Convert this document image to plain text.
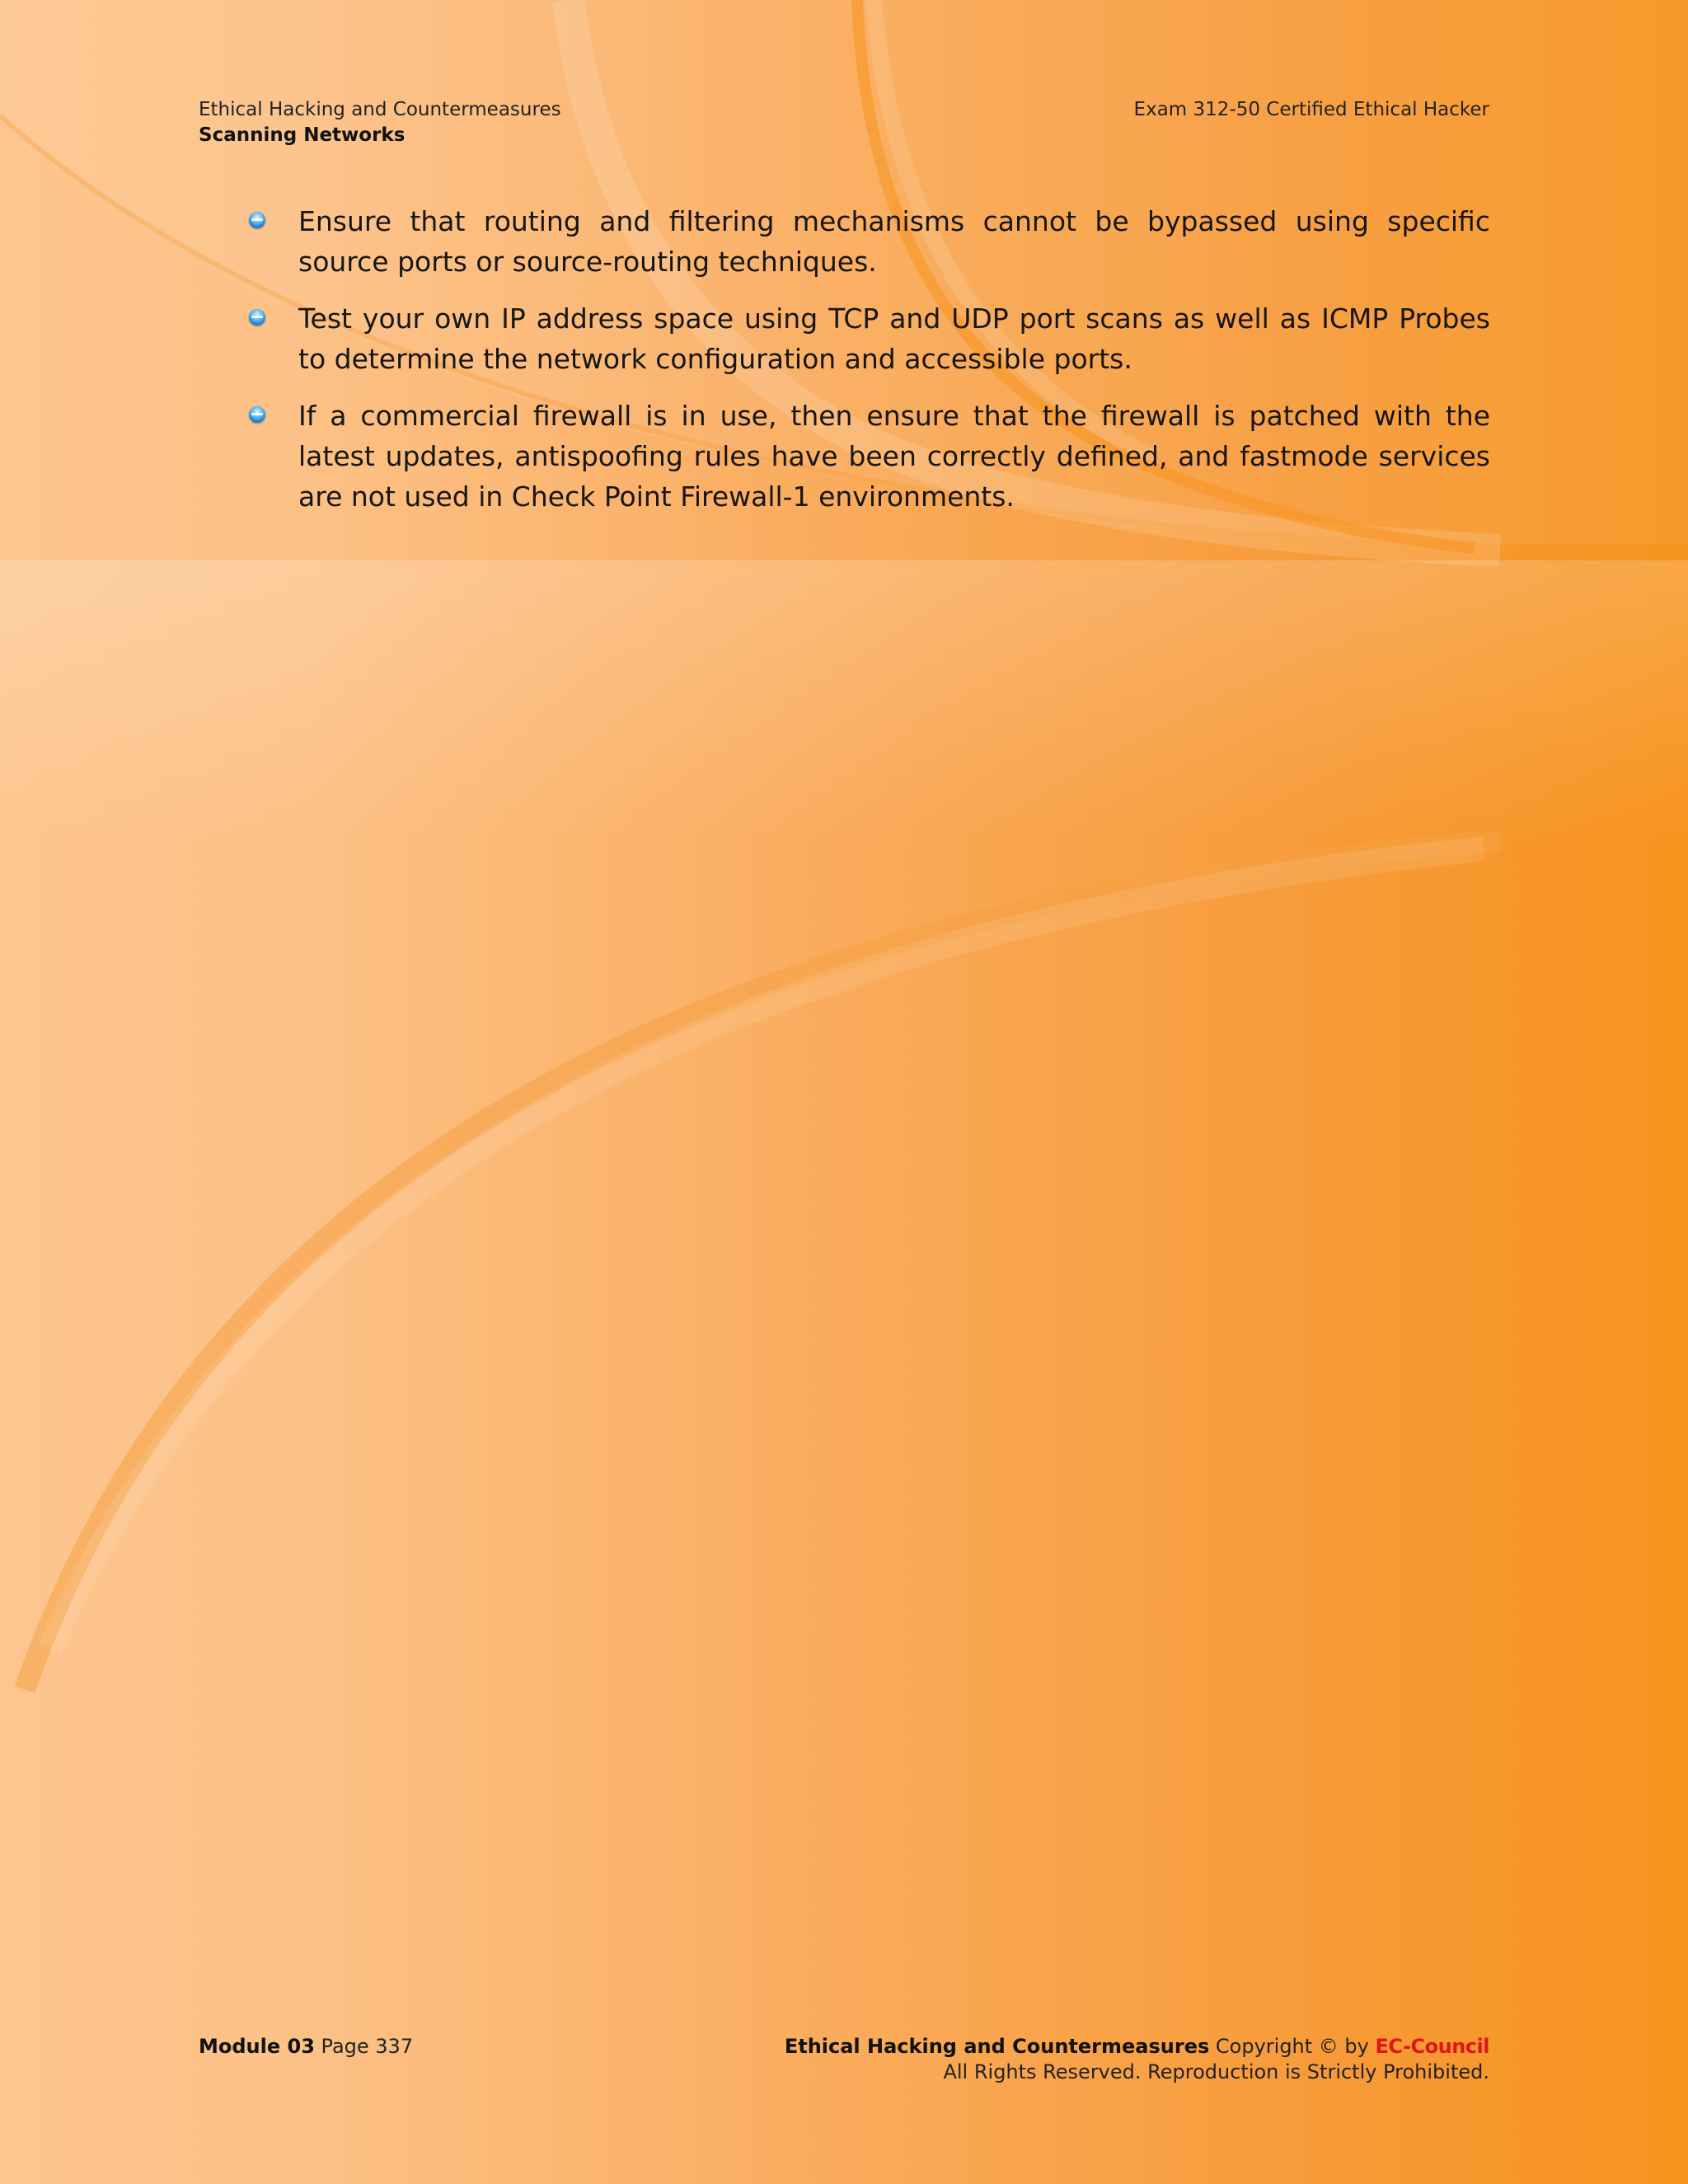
Ethical Hacking and Countermeasures
Scanning Networks
Exam 312-50 Certified Ethical Hacker
Ensure that routing and filtering mechanisms cannot be bypassed using specific source ports or source-routing techniques.
Test your own IP address space using TCP and UDP port scans as well as ICMP Probes to determine the network configuration and accessible ports.
If a commercial firewall is in use, then ensure that the firewall is patched with the latest updates, antispoofing rules have been correctly defined, and fastmode services are not used in Check Point Firewall-1 environments.
Module 03 Page 337	Ethical Hacking and Countermeasures Copyright © by EC-Council
All Rights Reserved. Reproduction is Strictly Prohibited.
